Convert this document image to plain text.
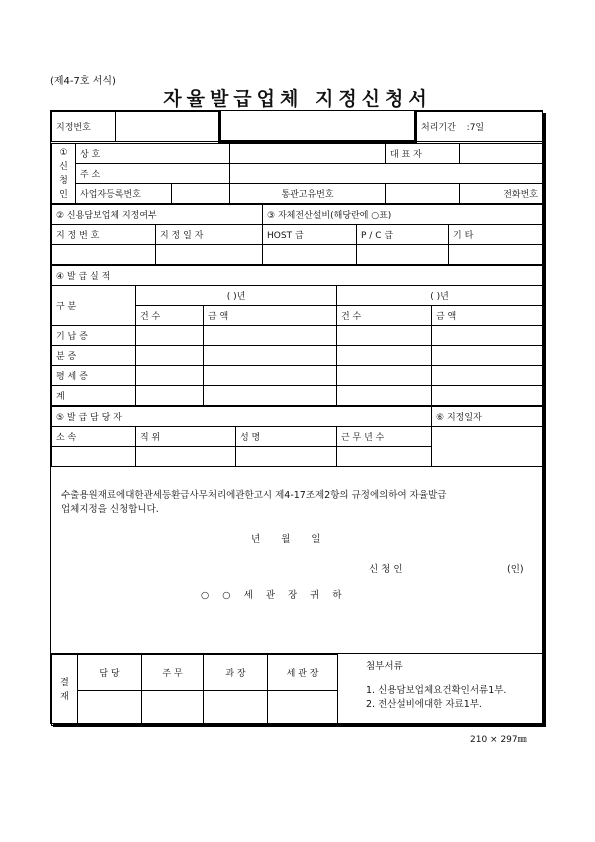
(제4-7호 서식)
자율발급업체 지정신청서
지정번호			처리기간 :7일
① 신 청 인	상 호			대 표 자	
	주 소				
	사업자등록번호		통관고유번호		전화번호
② 신용담보업체 지정여부		③ 자체전산설비(해당란에 ○표)		
지 정 번 호	지 정 일 자	HOST 급	P / C 급	기 타

④ 발 급 실 적				
구 분	( )년		( )년	
	건 수	금 액	건 수	금 액
기 납 증				
분 증				
평 세 증				
계				
⑤ 발 급 담 당 자				⑥ 지정일자
소 속	직 위	성 명	근 무 년 수	

수출용원재료에대한관세등환급사무처리에관한고시 제4-17조제2항의 규정에의하여 자율발급
업체지정을 신청합니다.
년 월 일
신 청 인	(인)
○ ○ 세 관 장 귀 하
결 재	담 당	주 무	과 장	세 관 장

첨부서류
1. 신용담보업체요건확인서류1부.
2. 전산설비에대한 자료1부.
210 × 297㎜
